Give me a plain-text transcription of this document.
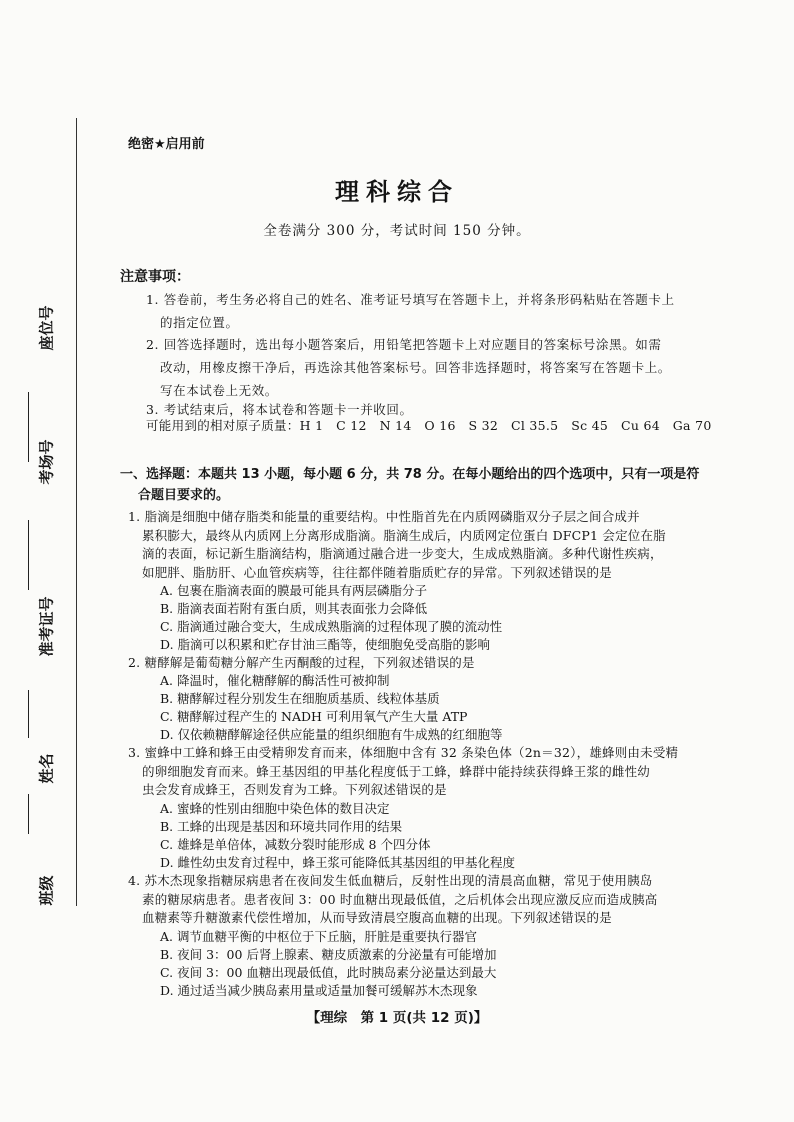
座位号
考场号
准考证号
姓名
班级
绝密★启用前
理科综合
全卷满分 300 分，考试时间 150 分钟。
注意事项：
1. 答卷前，考生务必将自己的姓名、准考证号填写在答题卡上，并将条形码粘贴在答题卡上
的指定位置。
2. 回答选择题时，选出每小题答案后，用铅笔把答题卡上对应题目的答案标号涂黑。如需
改动，用橡皮擦干净后，再选涂其他答案标号。回答非选择题时，将答案写在答题卡上。
写在本试卷上无效。
3. 考试结束后，将本试卷和答题卡一并收回。
可能用到的相对原子质量：H 1　C 12　N 14　O 16　S 32　Cl 35.5　Sc 45　Cu 64　Ga 70
一、选择题：本题共 13 小题，每小题 6 分，共 78 分。在每小题给出的四个选项中，只有一项是符
合题目要求的。
1. 脂滴是细胞中储存脂类和能量的重要结构。中性脂首先在内质网磷脂双分子层之间合成并
累积膨大，最终从内质网上分离形成脂滴。脂滴生成后，内质网定位蛋白 DFCP1 会定位在脂
滴的表面，标记新生脂滴结构，脂滴通过融合进一步变大，生成成熟脂滴。多种代谢性疾病，
如肥胖、脂肪肝、心血管疾病等，往往都伴随着脂质贮存的异常。下列叙述错误的是
A. 包裹在脂滴表面的膜最可能具有两层磷脂分子
B. 脂滴表面若附有蛋白质，则其表面张力会降低
C. 脂滴通过融合变大，生成成熟脂滴的过程体现了膜的流动性
D. 脂滴可以积累和贮存甘油三酯等，使细胞免受高脂的影响
2. 糖酵解是葡萄糖分解产生丙酮酸的过程，下列叙述错误的是
A. 降温时，催化糖酵解的酶活性可被抑制
B. 糖酵解过程分别发生在细胞质基质、线粒体基质
C. 糖酵解过程产生的 NADH 可利用氧气产生大量 ATP
D. 仅依赖糖酵解途径供应能量的组织细胞有牛成熟的红细胞等
3. 蜜蜂中工蜂和蜂王由受精卵发育而来，体细胞中含有 32 条染色体（2n＝32），雄蜂则由未受精
的卵细胞发育而来。蜂王基因组的甲基化程度低于工蜂，蜂群中能持续获得蜂王浆的雌性幼
虫会发育成蜂王，否则发育为工蜂。下列叙述错误的是
A. 蜜蜂的性别由细胞中染色体的数目决定
B. 工蜂的出现是基因和环境共同作用的结果
C. 雄蜂是单倍体，减数分裂时能形成 8 个四分体
D. 雌性幼虫发育过程中，蜂王浆可能降低其基因组的甲基化程度
4. 苏木杰现象指糖尿病患者在夜间发生低血糖后，反射性出现的清晨高血糖，常见于使用胰岛
素的糖尿病患者。患者夜间 3：00 时血糖出现最低值，之后机体会出现应激反应而造成胰高
血糖素等升糖激素代偿性增加，从而导致清晨空腹高血糖的出现。下列叙述错误的是
A. 调节血糖平衡的中枢位于下丘脑，肝脏是重要执行器官
B. 夜间 3：00 后肾上腺素、糖皮质激素的分泌量有可能增加
C. 夜间 3：00 血糖出现最低值，此时胰岛素分泌量达到最大
D. 通过适当减少胰岛素用量或适量加餐可缓解苏木杰现象
【理综　第 1 页(共 12 页)】
